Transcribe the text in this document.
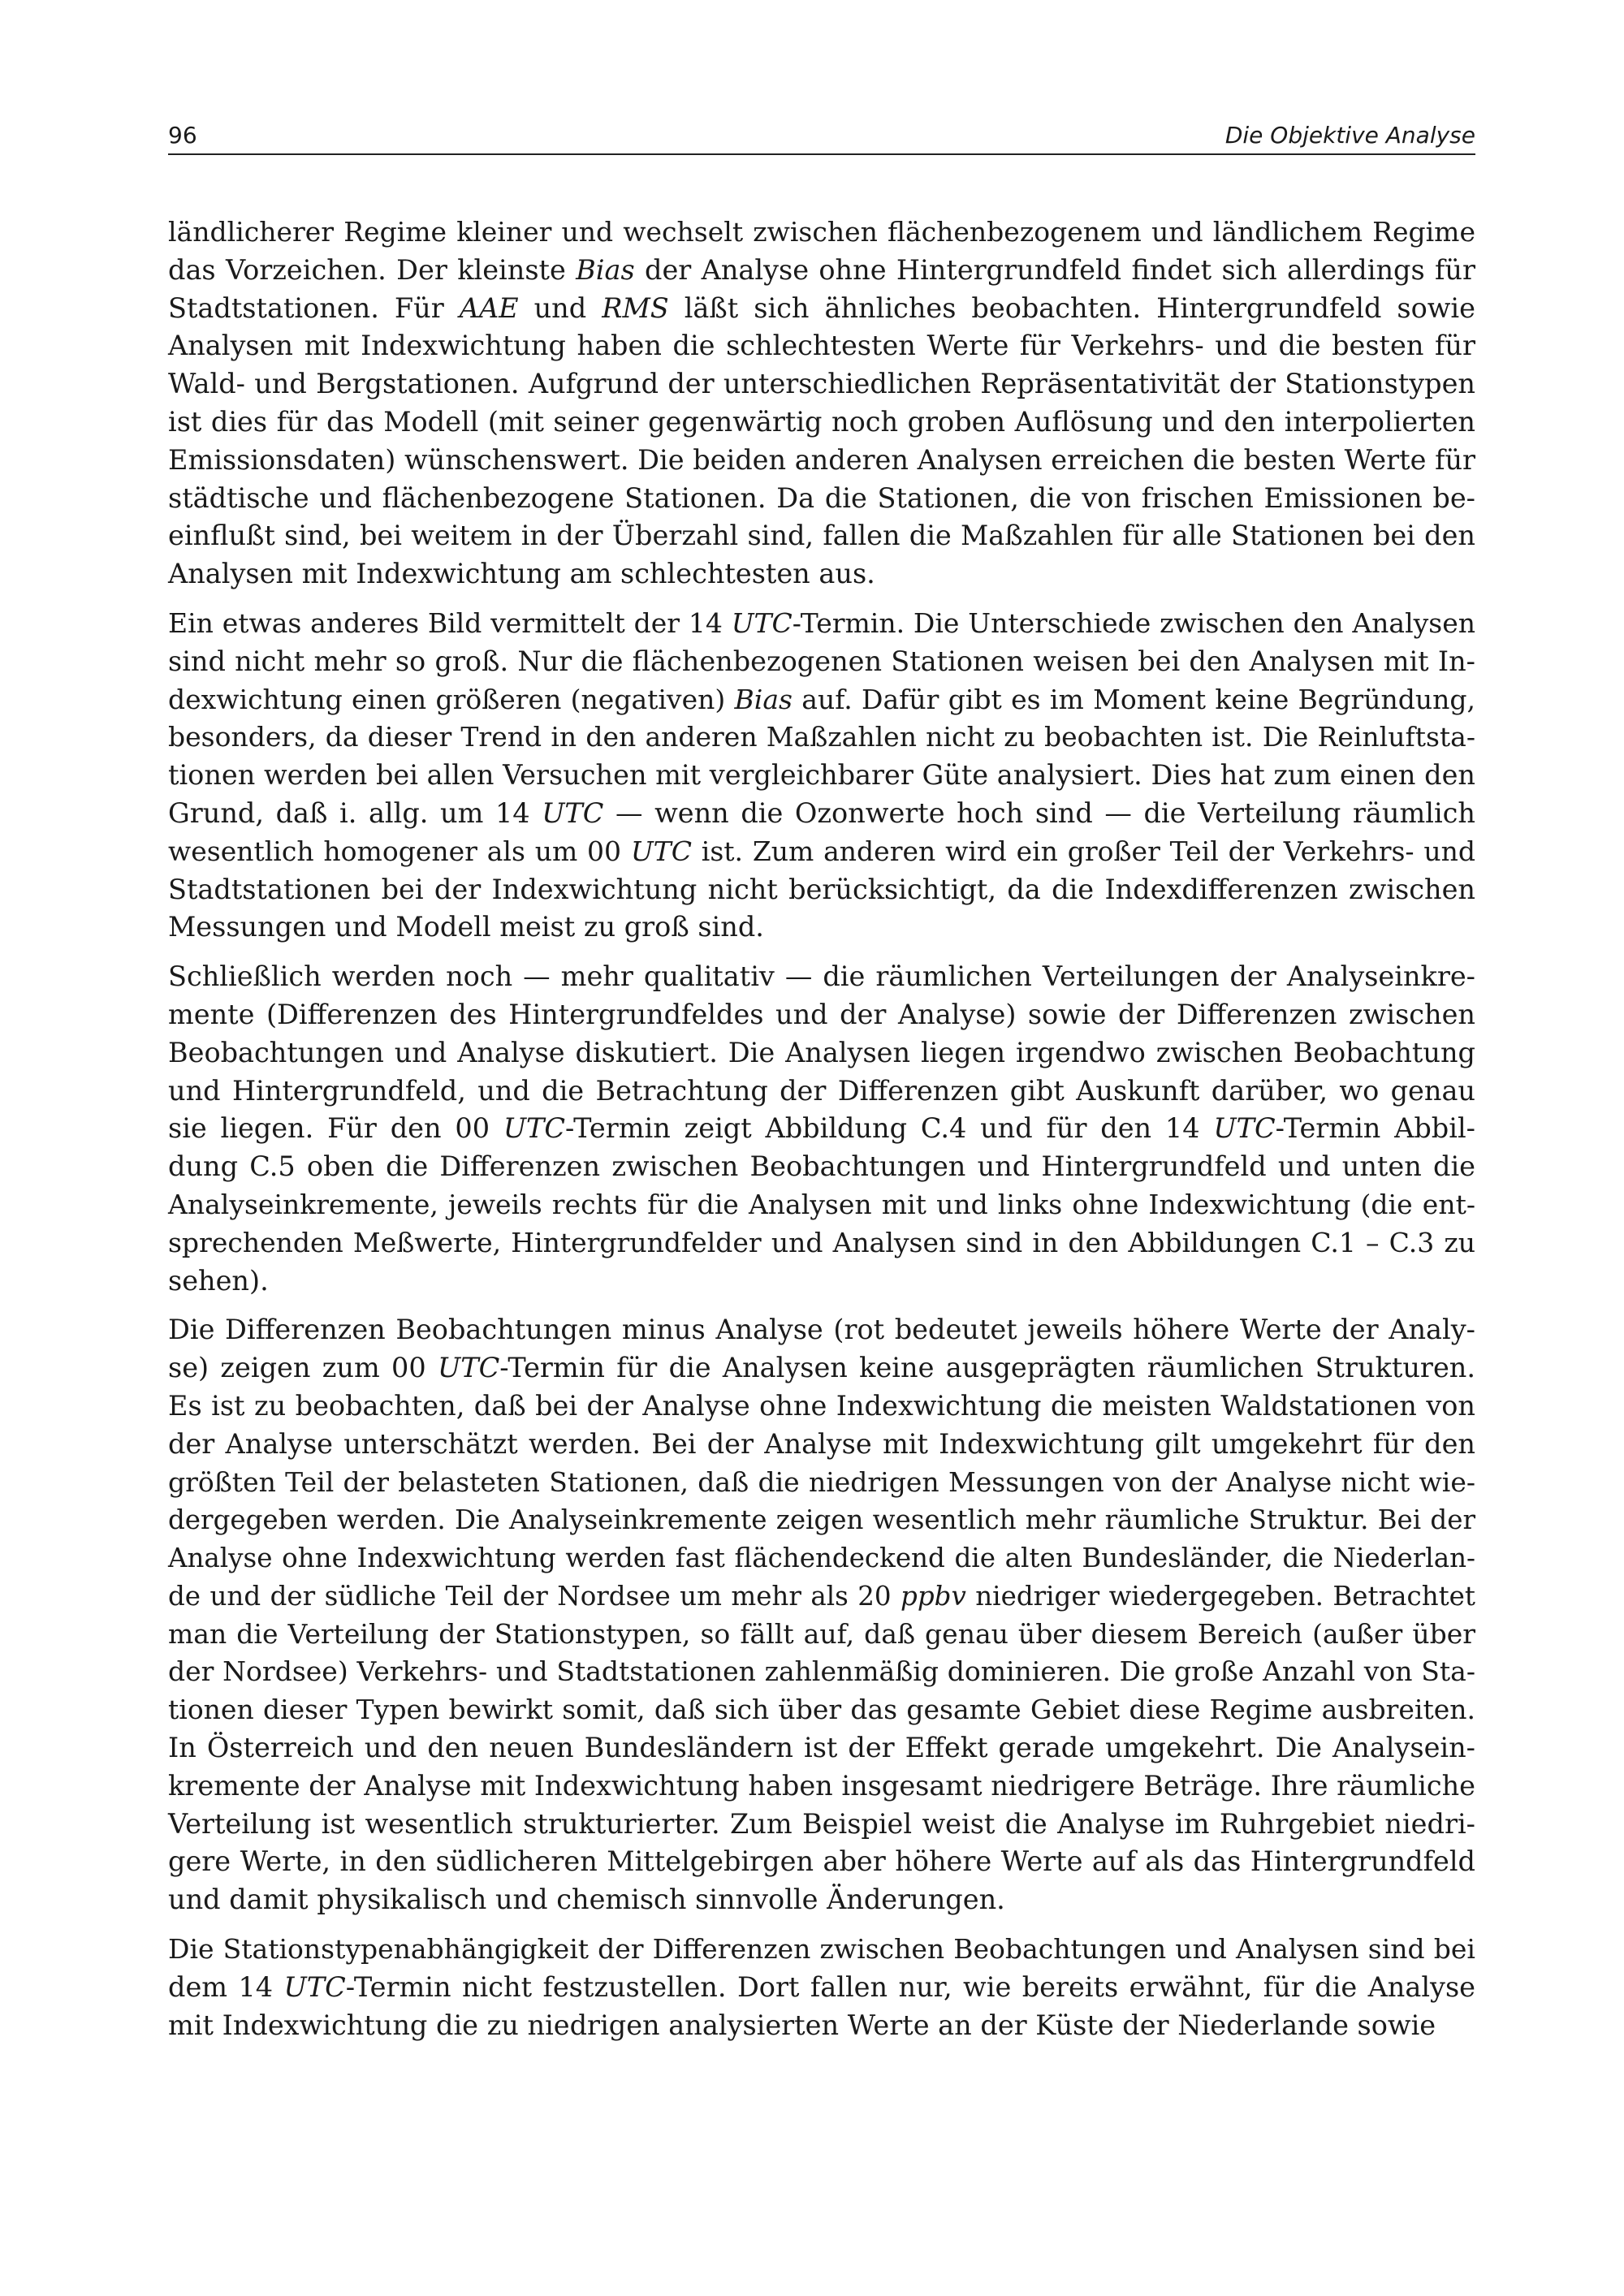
96	Die Objektive Analyse

ländlicherer Regime kleiner und wechselt zwischen flächenbezogenem und ländlichem Regime
das Vorzeichen. Der kleinste Bias der Analyse ohne Hintergrundfeld findet sich allerdings für
Stadtstationen. Für AAE und RMS läßt sich ähnliches beobachten. Hintergrundfeld sowie
Analysen mit Indexwichtung haben die schlechtesten Werte für Verkehrs- und die besten für
Wald- und Bergstationen. Aufgrund der unterschiedlichen Repräsentativität der Stationstypen
ist dies für das Modell (mit seiner gegenwärtig noch groben Auflösung und den interpolierten
Emissionsdaten) wünschenswert. Die beiden anderen Analysen erreichen die besten Werte für
städtische und flächenbezogene Stationen. Da die Stationen, die von frischen Emissionen be-
einflußt sind, bei weitem in der Überzahl sind, fallen die Maßzahlen für alle Stationen bei den
Analysen mit Indexwichtung am schlechtesten aus.

Ein etwas anderes Bild vermittelt der 14 UTC-Termin. Die Unterschiede zwischen den Analysen
sind nicht mehr so groß. Nur die flächenbezogenen Stationen weisen bei den Analysen mit In-
dexwichtung einen größeren (negativen) Bias auf. Dafür gibt es im Moment keine Begründung,
besonders, da dieser Trend in den anderen Maßzahlen nicht zu beobachten ist. Die Reinluftsta-
tionen werden bei allen Versuchen mit vergleichbarer Güte analysiert. Dies hat zum einen den
Grund, daß i. allg. um 14 UTC — wenn die Ozonwerte hoch sind — die Verteilung räumlich
wesentlich homogener als um 00 UTC ist. Zum anderen wird ein großer Teil der Verkehrs- und
Stadtstationen bei der Indexwichtung nicht berücksichtigt, da die Indexdifferenzen zwischen
Messungen und Modell meist zu groß sind.

Schließlich werden noch — mehr qualitativ — die räumlichen Verteilungen der Analyseinkre-
mente (Differenzen des Hintergrundfeldes und der Analyse) sowie der Differenzen zwischen
Beobachtungen und Analyse diskutiert. Die Analysen liegen irgendwo zwischen Beobachtung
und Hintergrundfeld, und die Betrachtung der Differenzen gibt Auskunft darüber, wo genau
sie liegen. Für den 00 UTC-Termin zeigt Abbildung C.4 und für den 14 UTC-Termin Abbil-
dung C.5 oben die Differenzen zwischen Beobachtungen und Hintergrundfeld und unten die
Analyseinkremente, jeweils rechts für die Analysen mit und links ohne Indexwichtung (die ent-
sprechenden Meßwerte, Hintergrundfelder und Analysen sind in den Abbildungen C.1 – C.3 zu
sehen).

Die Differenzen Beobachtungen minus Analyse (rot bedeutet jeweils höhere Werte der Analy-
se) zeigen zum 00 UTC-Termin für die Analysen keine ausgeprägten räumlichen Strukturen.
Es ist zu beobachten, daß bei der Analyse ohne Indexwichtung die meisten Waldstationen von
der Analyse unterschätzt werden. Bei der Analyse mit Indexwichtung gilt umgekehrt für den
größten Teil der belasteten Stationen, daß die niedrigen Messungen von der Analyse nicht wie-
dergegeben werden. Die Analyseinkremente zeigen wesentlich mehr räumliche Struktur. Bei der
Analyse ohne Indexwichtung werden fast flächendeckend die alten Bundesländer, die Niederlan-
de und der südliche Teil der Nordsee um mehr als 20 ppbv niedriger wiedergegeben. Betrachtet
man die Verteilung der Stationstypen, so fällt auf, daß genau über diesem Bereich (außer über
der Nordsee) Verkehrs- und Stadtstationen zahlenmäßig dominieren. Die große Anzahl von Sta-
tionen dieser Typen bewirkt somit, daß sich über das gesamte Gebiet diese Regime ausbreiten.
In Österreich und den neuen Bundesländern ist der Effekt gerade umgekehrt. Die Analysein-
kremente der Analyse mit Indexwichtung haben insgesamt niedrigere Beträge. Ihre räumliche
Verteilung ist wesentlich strukturierter. Zum Beispiel weist die Analyse im Ruhrgebiet niedri-
gere Werte, in den südlicheren Mittelgebirgen aber höhere Werte auf als das Hintergrundfeld
und damit physikalisch und chemisch sinnvolle Änderungen.

Die Stationstypenabhängigkeit der Differenzen zwischen Beobachtungen und Analysen sind bei
dem 14 UTC-Termin nicht festzustellen. Dort fallen nur, wie bereits erwähnt, für die Analyse
mit Indexwichtung die zu niedrigen analysierten Werte an der Küste der Niederlande sowie
